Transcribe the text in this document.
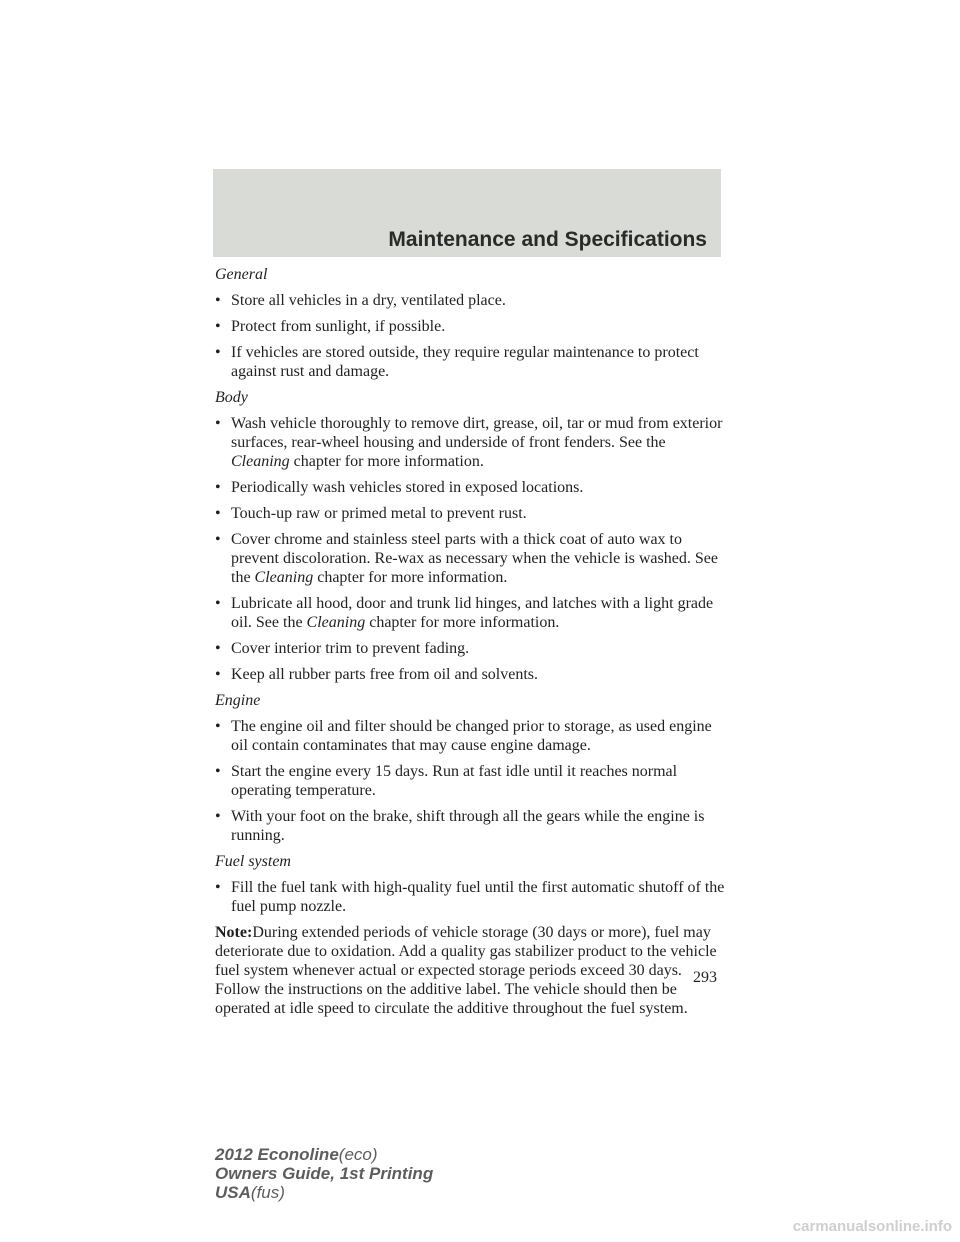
Maintenance and Specifications

General

• Store all vehicles in a dry, ventilated place.
• Protect from sunlight, if possible.
• If vehicles are stored outside, they require regular maintenance to protect against rust and damage.

Body

• Wash vehicle thoroughly to remove dirt, grease, oil, tar or mud from exterior surfaces, rear-wheel housing and underside of front fenders. See the Cleaning chapter for more information.
• Periodically wash vehicles stored in exposed locations.
• Touch-up raw or primed metal to prevent rust.
• Cover chrome and stainless steel parts with a thick coat of auto wax to prevent discoloration. Re-wax as necessary when the vehicle is washed. See the Cleaning chapter for more information.
• Lubricate all hood, door and trunk lid hinges, and latches with a light grade oil. See the Cleaning chapter for more information.
• Cover interior trim to prevent fading.
• Keep all rubber parts free from oil and solvents.

Engine

• The engine oil and filter should be changed prior to storage, as used engine oil contain contaminates that may cause engine damage.
• Start the engine every 15 days. Run at fast idle until it reaches normal operating temperature.
• With your foot on the brake, shift through all the gears while the engine is running.

Fuel system

• Fill the fuel tank with high-quality fuel until the first automatic shutoff of the fuel pump nozzle.

Note:During extended periods of vehicle storage (30 days or more), fuel may deteriorate due to oxidation. Add a quality gas stabilizer product to the vehicle fuel system whenever actual or expected storage periods exceed 30 days. Follow the instructions on the additive label. The vehicle should then be operated at idle speed to circulate the additive throughout the fuel system.

293
2012 Econoline(eco)
Owners Guide, 1st Printing
USA(fus)
carmanualsonline.info
